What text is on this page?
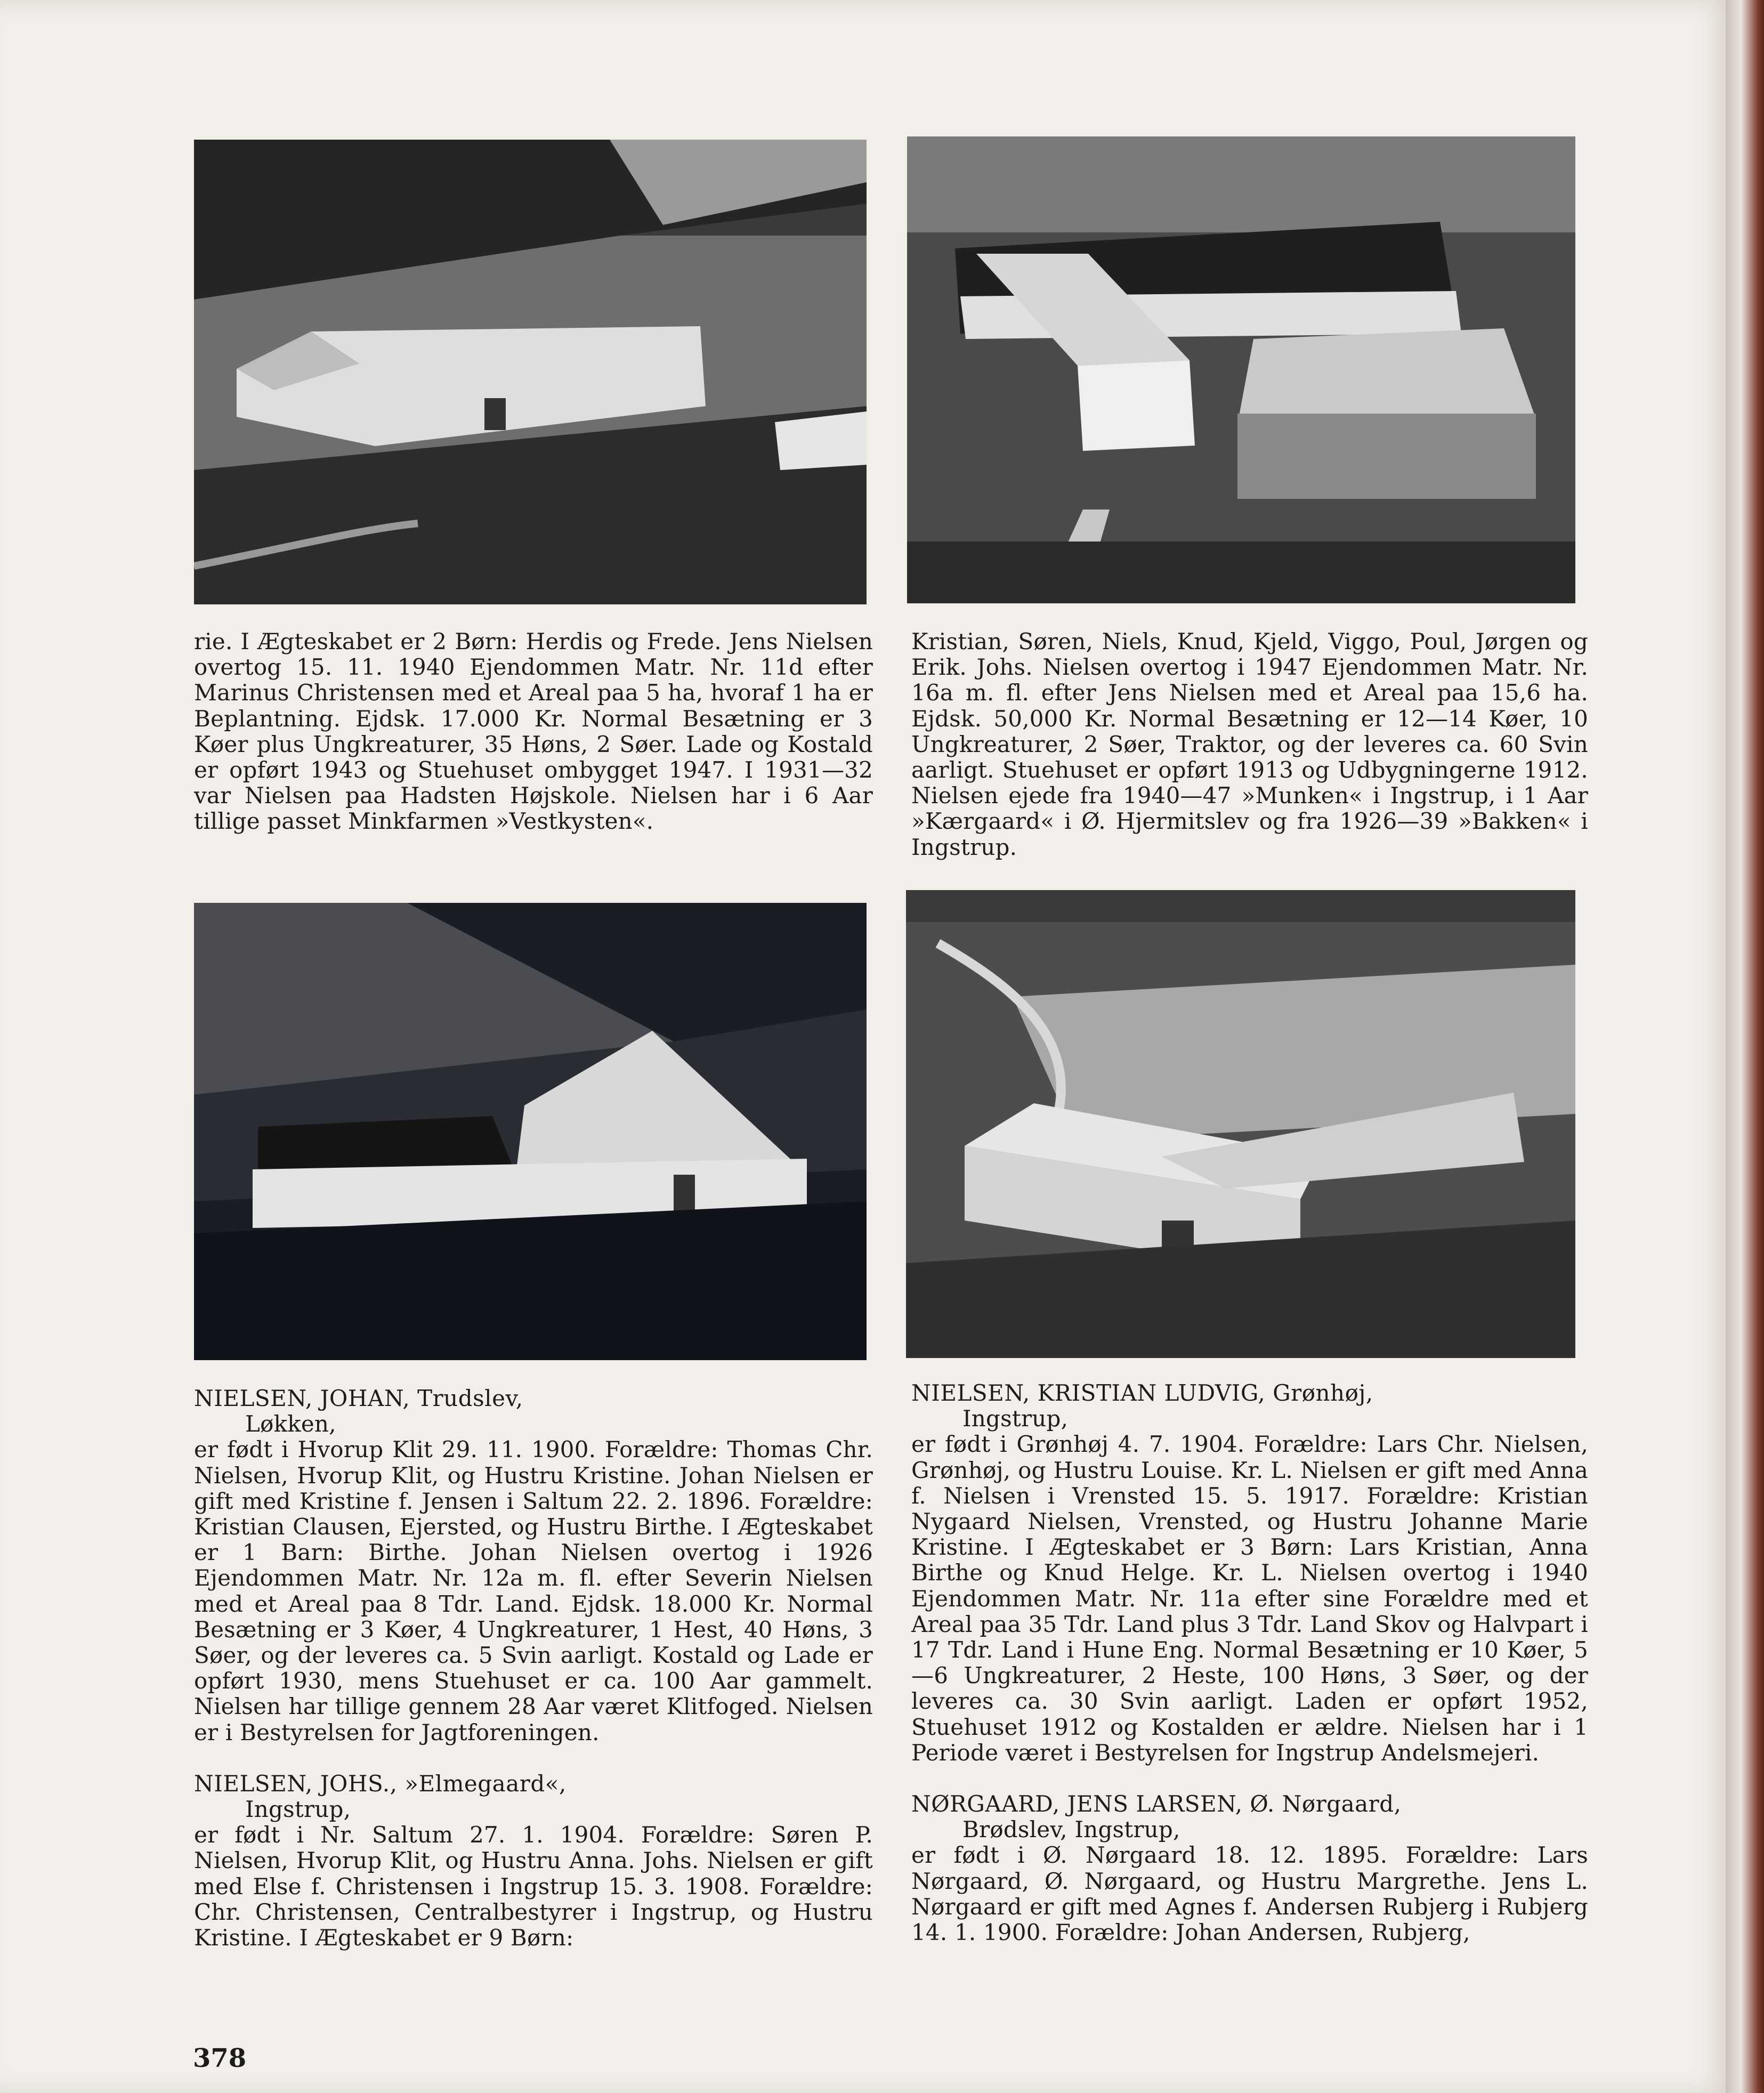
rie. I Ægteskabet er 2 Børn: Herdis og Frede. Jens Nielsen overtog 15. 11. 1940 Ejendommen Matr. Nr. 11d efter Marinus Christensen med et Areal paa 5 ha, hvoraf 1 ha er Beplantning. Ejdsk. 17.000 Kr. Normal Besætning er 3 Køer plus Ungkreaturer, 35 Høns, 2 Søer. Lade og Kostald er opført 1943 og Stuehuset ombygget 1947. I 1931—32 var Nielsen paa Hadsten Højskole. Nielsen har i 6 Aar tillige passet Minkfarmen »Vestkysten«.

Kristian, Søren, Niels, Knud, Kjeld, Viggo, Poul, Jørgen og Erik. Johs. Nielsen overtog i 1947 Ejendommen Matr. Nr. 16a m. fl. efter Jens Nielsen med et Areal paa 15,6 ha. Ejdsk. 50,000 Kr. Normal Besætning er 12—14 Køer, 10 Ungkreaturer, 2 Søer, Traktor, og der leveres ca. 60 Svin aarligt. Stuehuset er opført 1913 og Udbygningerne 1912. Nielsen ejede fra 1940—47 »Munken« i Ingstrup, i 1 Aar »Kærgaard« i Ø. Hjermitslev og fra 1926—39 »Bakken« i Ingstrup.

NIELSEN, JOHAN, Trudslev,

Løkken,

er født i Hvorup Klit 29. 11. 1900. Forældre: Thomas Chr. Nielsen, Hvorup Klit, og Hustru Kristine. Johan Nielsen er gift med Kristine f. Jensen i Saltum 22. 2. 1896. Forældre: Kristian Clausen, Ejersted, og Hustru Birthe. I Ægteskabet er 1 Barn: Birthe. Johan Nielsen overtog i 1926 Ejendommen Matr. Nr. 12a m. fl. efter Severin Nielsen med et Areal paa 8 Tdr. Land. Ejdsk. 18.000 Kr. Normal Besætning er 3 Køer, 4 Ungkreaturer, 1 Hest, 40 Høns, 3 Søer, og der leveres ca. 5 Svin aarligt. Kostald og Lade er opført 1930, mens Stuehuset er ca. 100 Aar gammelt. Nielsen har tillige gennem 28 Aar været Klitfoged. Nielsen er i Bestyrelsen for Jagtforeningen.

NIELSEN, JOHS., »Elmegaard«,

Ingstrup,

er født i Nr. Saltum 27. 1. 1904. Forældre: Søren P. Nielsen, Hvorup Klit, og Hustru Anna. Johs. Nielsen er gift med Else f. Christensen i Ingstrup 15. 3. 1908. Forældre: Chr. Christensen, Centralbestyrer i Ingstrup, og Hustru Kristine. I Ægteskabet er 9 Børn:

NIELSEN, KRISTIAN LUDVIG, Grønhøj,

Ingstrup,

er født i Grønhøj 4. 7. 1904. Forældre: Lars Chr. Nielsen, Grønhøj, og Hustru Louise. Kr. L. Nielsen er gift med Anna f. Nielsen i Vrensted 15. 5. 1917. Forældre: Kristian Nygaard Nielsen, Vrensted, og Hustru Johanne Marie Kristine. I Ægteskabet er 3 Børn: Lars Kristian, Anna Birthe og Knud Helge. Kr. L. Nielsen overtog i 1940 Ejendommen Matr. Nr. 11a efter sine Forældre med et Areal paa 35 Tdr. Land plus 3 Tdr. Land Skov og Halvpart i 17 Tdr. Land i Hune Eng. Normal Besætning er 10 Køer, 5—6 Ungkreaturer, 2 Heste, 100 Høns, 3 Søer, og der leveres ca. 30 Svin aarligt. Laden er opført 1952, Stuehuset 1912 og Kostalden er ældre. Nielsen har i 1 Periode været i Bestyrelsen for Ingstrup Andelsmejeri.

NØRGAARD, JENS LARSEN, Ø. Nørgaard,

Brødslev, Ingstrup,

er født i Ø. Nørgaard 18. 12. 1895. Forældre: Lars Nørgaard, Ø. Nørgaard, og Hustru Margrethe. Jens L. Nørgaard er gift med Agnes f. Andersen Rubjerg i Rubjerg 14. 1. 1900. Forældre: Johan Andersen, Rubjerg,

378
